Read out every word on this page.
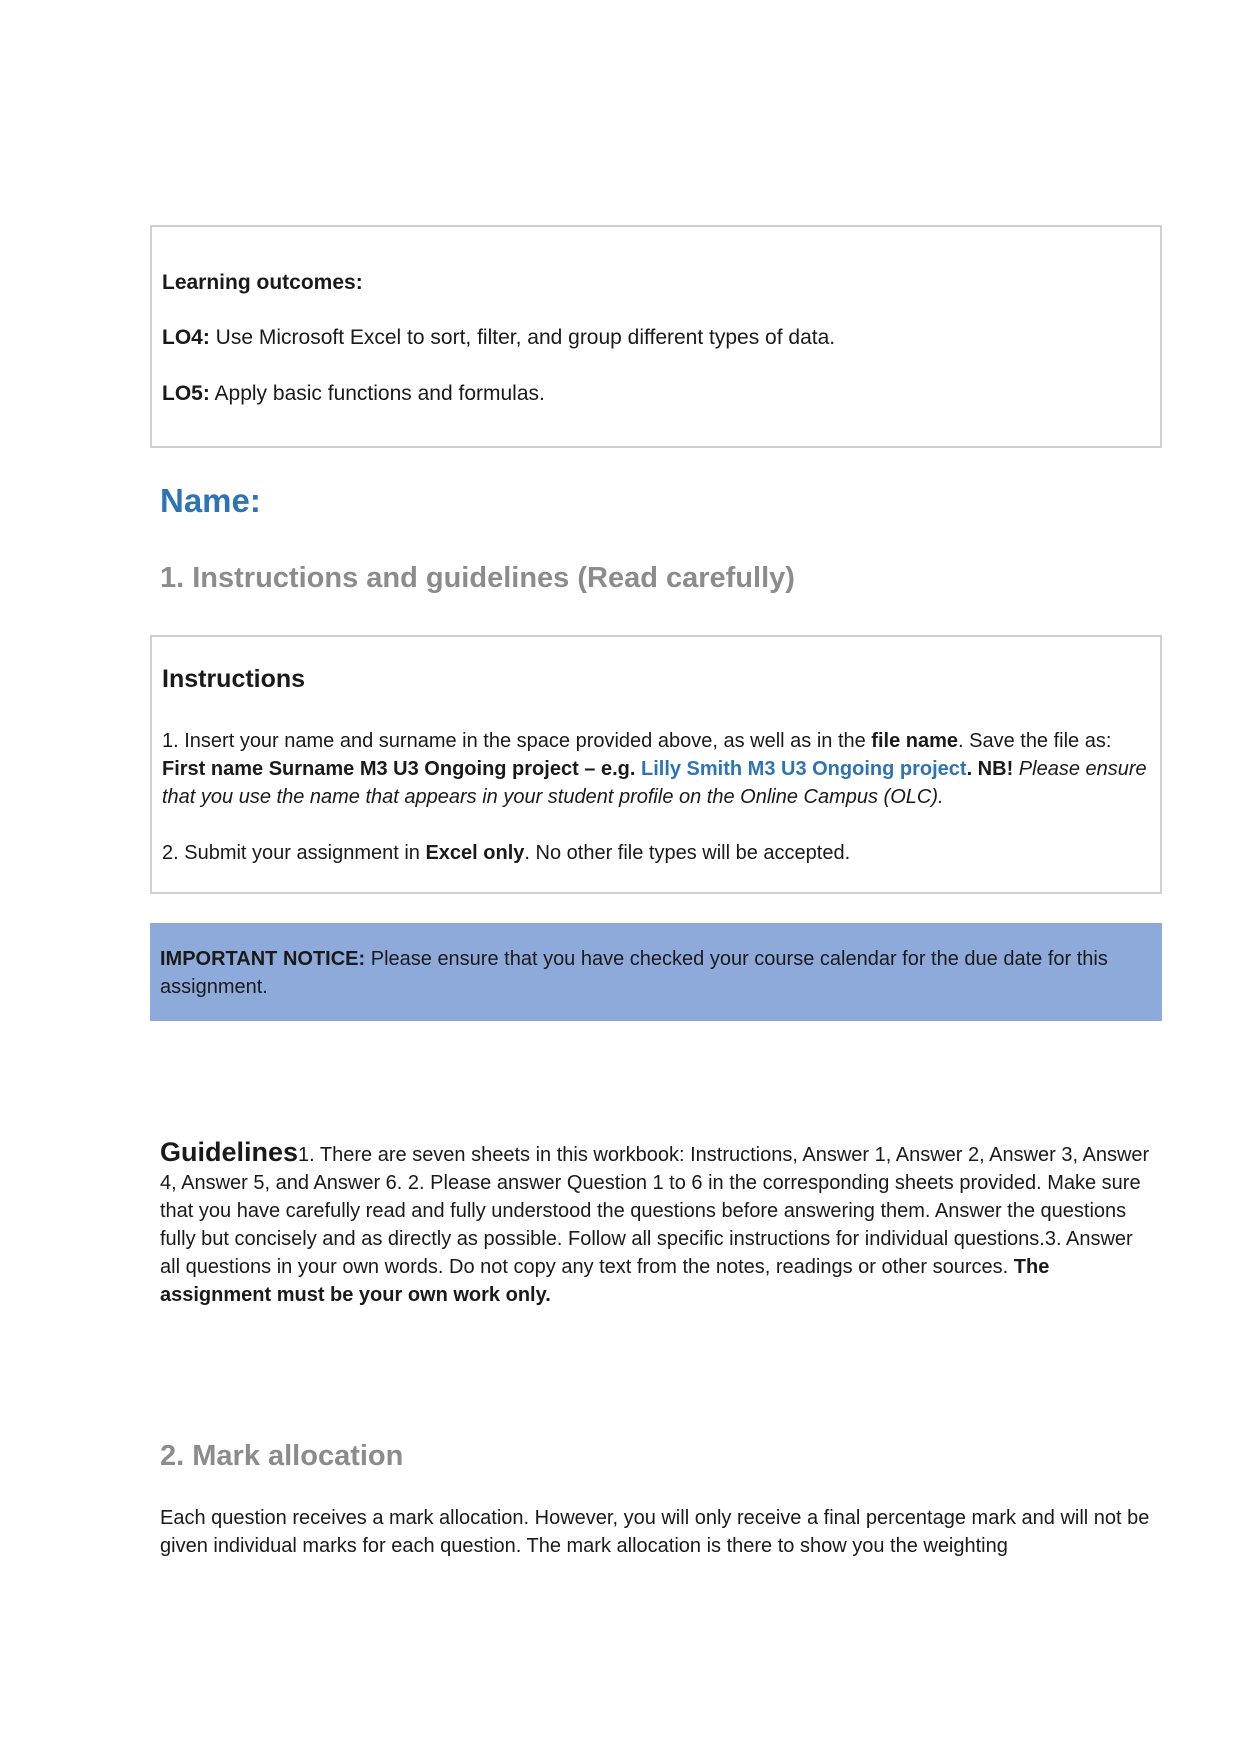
Learning outcomes:

LO4: Use Microsoft Excel to sort, filter, and group different types of data.

LO5: Apply basic functions and formulas.

Name:
1. Instructions and guidelines (Read carefully)
Instructions

1. Insert your name and surname in the space provided above, as well as in the file name. Save the file as: First name Surname M3 U3 Ongoing project – e.g. Lilly Smith M3 U3 Ongoing project. NB! Please ensure that you use the name that appears in your student profile on the Online Campus (OLC).

2. Submit your assignment in Excel only. No other file types will be accepted.

IMPORTANT NOTICE: Please ensure that you have checked your course calendar for the due date for this assignment.

Guidelines1. There are seven sheets in this workbook: Instructions, Answer 1, Answer 2, Answer 3, Answer 4, Answer 5, and Answer 6. 2. Please answer Question 1 to 6 in the corresponding sheets provided. Make sure that you have carefully read and fully understood the questions before answering them. Answer the questions fully but concisely and as directly as possible. Follow all specific instructions for individual questions.3. Answer all questions in your own words. Do not copy any text from the notes, readings or other sources. The assignment must be your own work only.

2. Mark allocation

Each question receives a mark allocation. However, you will only receive a final percentage mark and will not be given individual marks for each question. The mark allocation is there to show you the weighting
